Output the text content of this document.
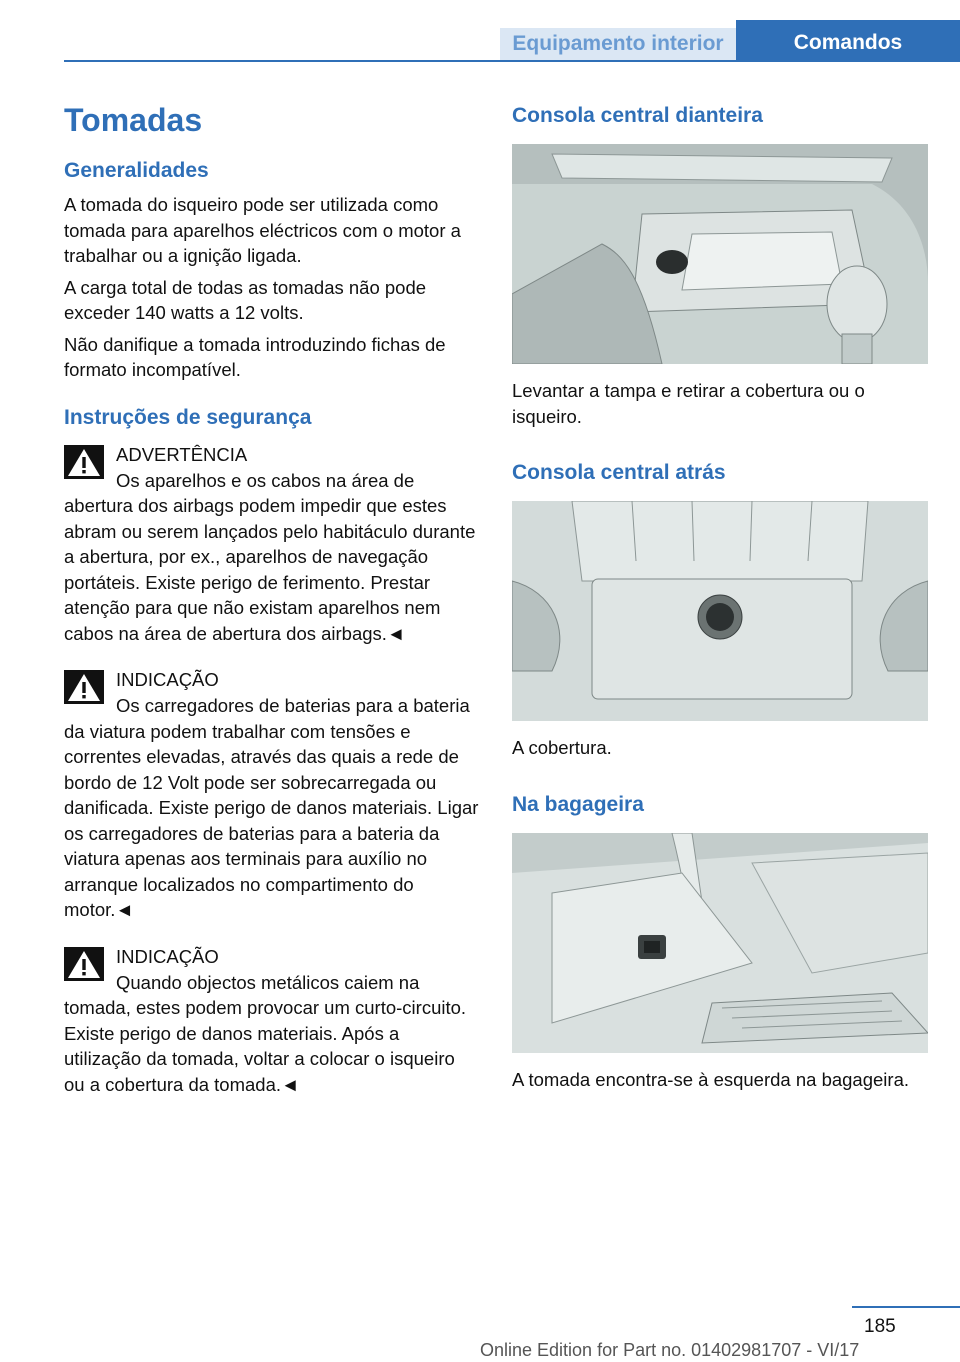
Equipamento interior	Comandos
Tomadas
Generalidades

A tomada do isqueiro pode ser utilizada como tomada para aparelhos eléctricos com o motor a trabalhar ou a ignição ligada.

A carga total de todas as tomadas não pode exceder 140 watts a 12 volts.

Não danifique a tomada introduzindo fichas de formato incompatível.

Instruções de segurança
ADVERTÊNCIA

Os aparelhos e os cabos na área de abertura dos airbags podem impedir que estes abram ou serem lançados pelo habitáculo durante a abertura, por ex., aparelhos de navegação portáteis. Existe perigo de ferimento. Prestar atenção para que não existam aparelhos nem cabos na área de abertura dos airbags.◄

INDICAÇÃO

Os carregadores de baterias para a bateria da viatura podem trabalhar com tensões e correntes elevadas, através das quais a rede de bordo de 12 Volt pode ser sobrecarregada ou danificada. Existe perigo de danos materiais. Ligar os carregadores de baterias para a bateria da viatura apenas aos terminais para auxílio no arranque localizados no compartimento do motor.◄

INDICAÇÃO

Quando objectos metálicos caiem na tomada, estes podem provocar um curto-circuito. Existe perigo de danos materiais. Após a utilização da tomada, voltar a colocar o isqueiro ou a cobertura da tomada.◄

Consola central dianteira

Levantar a tampa e retirar a cobertura ou o isqueiro.

Consola central atrás

A cobertura.

Na bagageira

A tomada encontra-se à esquerda na bagageira.

185
Online Edition for Part no. 01402981707 - VI/17
